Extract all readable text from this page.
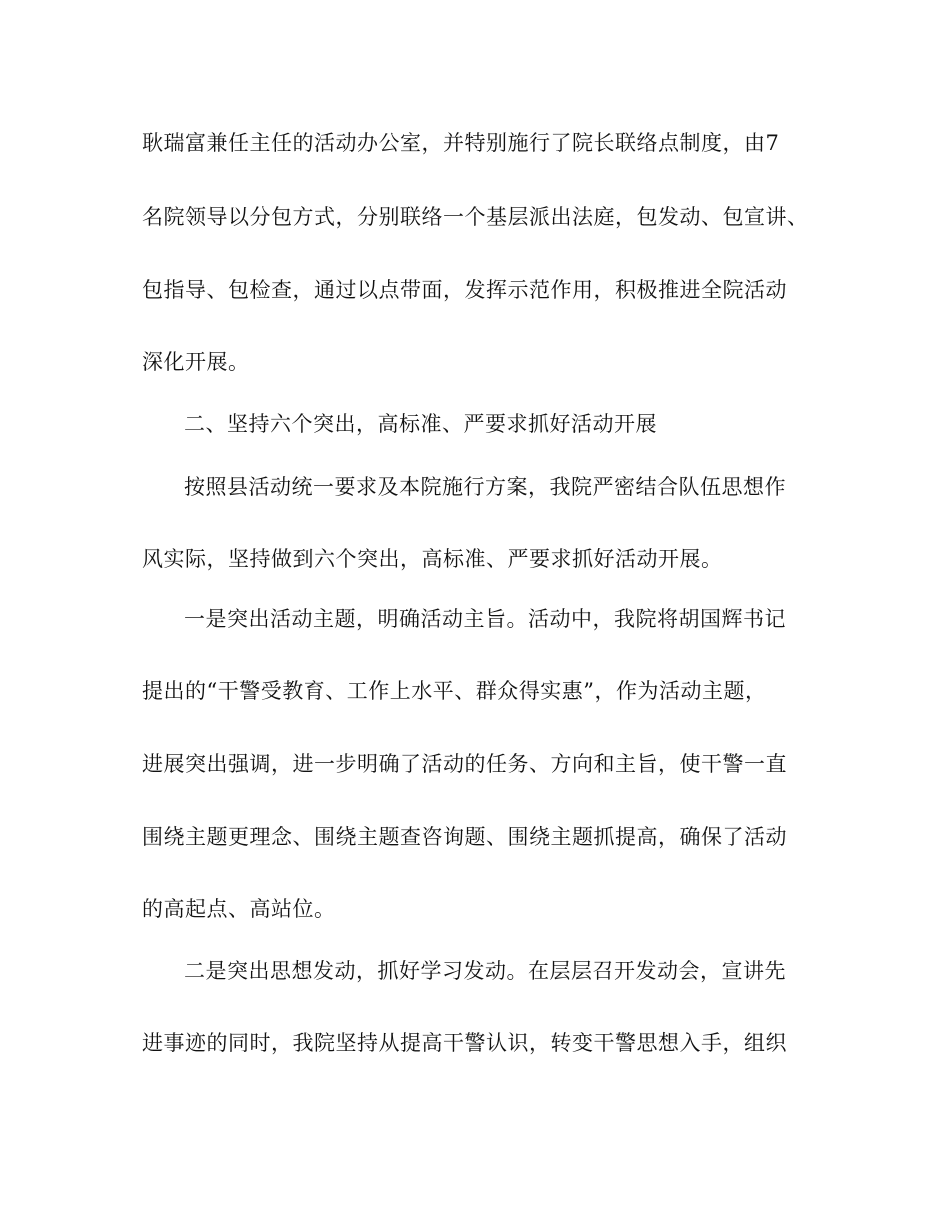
耿瑞富兼任主任的活动办公室，并特别施行了院长联络点制度，由7
名院领导以分包方式，分别联络一个基层派出法庭，包发动、包宣讲、
包指导、包检查，通过以点带面，发挥示范作用，积极推进全院活动
深化开展。
二、坚持六个突出，高标准、严要求抓好活动开展
按照县活动统一要求及本院施行方案，我院严密结合队伍思想作
风实际，坚持做到六个突出，高标准、严要求抓好活动开展。
一是突出活动主题，明确活动主旨。活动中，我院将胡国辉书记
提出的“干警受教育、工作上水平、群众得实惠”，作为活动主题，
进展突出强调，进一步明确了活动的任务、方向和主旨，使干警一直
围绕主题更理念、围绕主题查咨询题、围绕主题抓提高，确保了活动
的高起点、高站位。
二是突出思想发动，抓好学习发动。在层层召开发动会，宣讲先
进事迹的同时，我院坚持从提高干警认识，转变干警思想入手，组织
